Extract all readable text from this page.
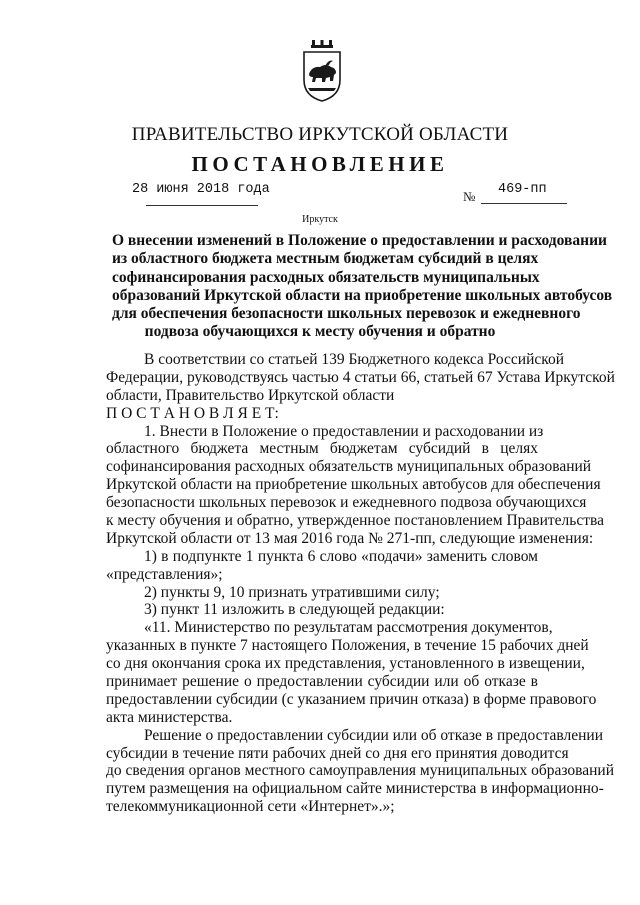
ПРАВИТЕЛЬСТВО ИРКУТСКОЙ ОБЛАСТИ
ПОСТАНОВЛЕНИЕ
28 июня 2018 года	№ 469-пп
Иркутск
О внесении изменений в Положение о предоставлении и расходовании
из областного бюджета местным бюджетам субсидий в целях
софинансирования расходных обязательств муниципальных
образований Иркутской области на приобретение школьных автобусов
для обеспечения безопасности школьных перевозок и ежедневного
подвоза обучающихся к месту обучения и обратно
В соответствии со статьей 139 Бюджетного кодекса Российской
Федерации, руководствуясь частью 4 статьи 66, статьей 67 Устава Иркутской
области, Правительство Иркутской области
П О С Т А Н О В Л Я Е Т:
1. Внести в Положение о предоставлении и расходовании из
областного бюджета местным бюджетам субсидий в целях
софинансирования расходных обязательств муниципальных образований
Иркутской области на приобретение школьных автобусов для обеспечения
безопасности школьных перевозок и ежедневного подвоза обучающихся
к месту обучения и обратно, утвержденное постановлением Правительства
Иркутской области от 13 мая 2016 года № 271-пп, следующие изменения:
1) в подпункте 1 пункта 6 слово «подачи» заменить словом
«представления»;
2) пункты 9, 10 признать утратившими силу;
3) пункт 11 изложить в следующей редакции:
«11. Министерство по результатам рассмотрения документов,
указанных в пункте 7 настоящего Положения, в течение 15 рабочих дней
со дня окончания срока их представления, установленного в извещении,
принимает решение о предоставлении субсидии или об отказе в
предоставлении субсидии (с указанием причин отказа) в форме правового
акта министерства.
Решение о предоставлении субсидии или об отказе в предоставлении
субсидии в течение пяти рабочих дней со дня его принятия доводится
до сведения органов местного самоуправления муниципальных образований
путем размещения на официальном сайте министерства в информационно-
телекоммуникационной сети «Интернет».»;
